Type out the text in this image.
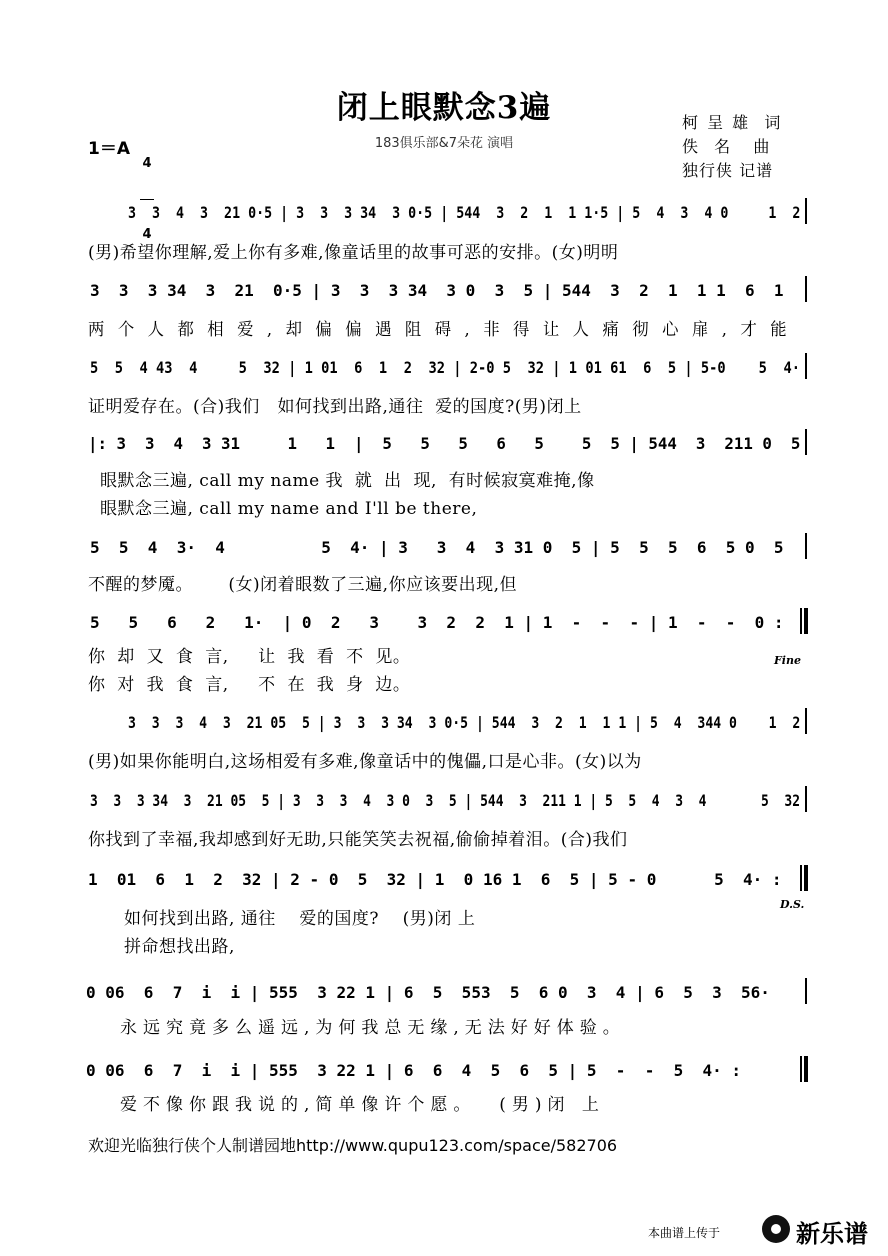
闭上眼默念3遍
183俱乐部&7朵花 演唱
1＝A

4

4

柯 呈 雄  词
佚  名   曲
独行侠 记谱
3  3  4  3  21 0·5 | 3  3  3 34  3 0·5 | 544  3  2  1  1 1·5 | 5  4  3  4 0     1  2
(男)希望你理解,爱上你有多难,像童话里的故事可恶的安排。(女)明明
3  3  3 34  3  21  0·5 | 3  3  3 34  3 0  3  5 | 544  3  2  1  1 1  6  1
两个人都相爱,却偏偏遇阻碍,非得让人痛彻心扉,才能
5  5  4 43  4     5  32 | 1 01  6  1  2  32 | 2-0 5  32 | 1 01 61  6  5 | 5-0    5  4·
证明爱存在。(合)我们   如何找到出路,通往  爱的国度?(男)闭上
|: 3  3  4  3 31     1   1  |  5   5   5   6   5    5  5 | 544  3  211 0  5
眼默念三遍, call my name 我  就  出  现,  有时候寂寞难掩,像
眼默念三遍, call my name and I'll be there,
5  5  4  3·  4          5  4· | 3   3  4  3 31 0  5 | 5  5  5  6  5 0  5
不醒的梦魇。      (女)闭着眼数了三遍,你应该要出现,但
5   5   6   2   1·  | 0  2   3    3  2  2  1 | 1  -  -  - | 1  -  -  0 :
你  却  又  食  言,     让  我  看  不  见。
你  对  我  食  言,     不  在  我  身  边。
Fine
3  3  3  4  3  21 05  5 | 3  3  3 34  3 0·5 | 544  3  2  1  1 1 | 5  4  344 0    1  2
(男)如果你能明白,这场相爱有多难,像童话中的傀儡,口是心非。(女)以为
3  3  3 34  3  21 05  5 | 3  3  3  4  3 0  3  5 | 544  3  211 1 | 5  5  4  3  4       5  32
你找到了幸福,我却感到好无助,只能笑笑去祝福,偷偷掉着泪。(合)我们
1  01  6  1  2  32 | 2 - 0  5  32 | 1  0 16 1  6  5 | 5 - 0      5  4· :
如何找到出路, 通往    爱的国度?    (男)闭 上
拼命想找出路,
D.S.
0 06  6  7  i  i | 555  3 22 1 | 6  5  553  5  6 0  3  4 | 6  5  3  56·
永远究竟多么遥远,为何我总无缘,无法好好体验。
0 06  6  7  i  i | 555  3 22 1 | 6  6  4  5  6  5 | 5  -  -  5  4· :
爱不像你跟我说的,简单像许个愿。  (男)闭 上
欢迎光临独行侠个人制谱园地http://www.qupu123.com/space/582706
本曲谱上传于	新乐谱
